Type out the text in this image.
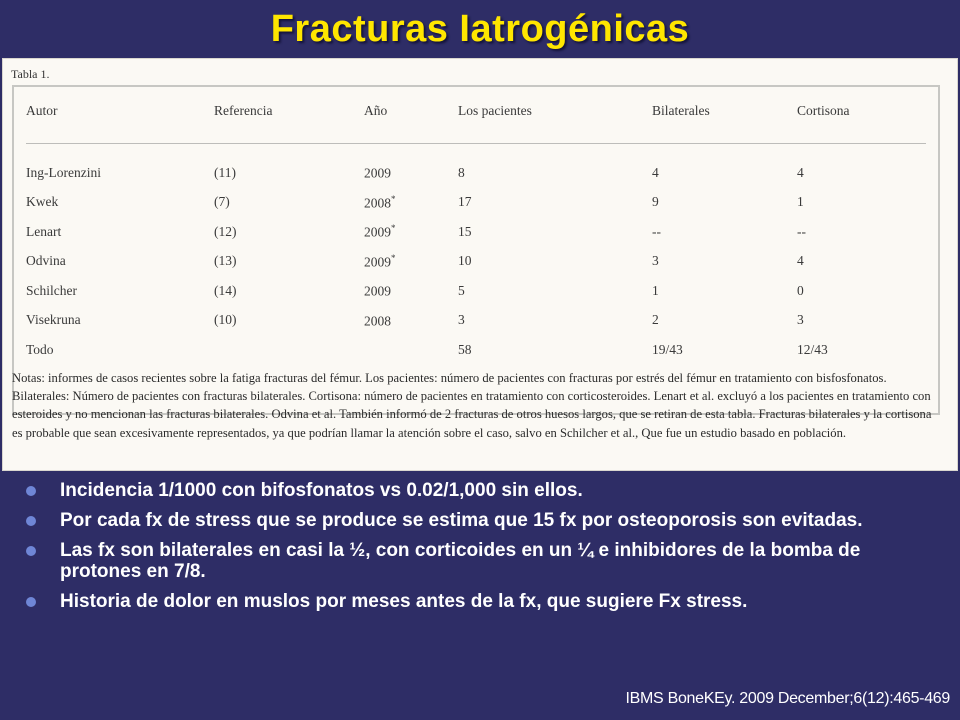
Fracturas Iatrogénicas
Tabla 1.
Autor	Referencia	Año	Los pacientes	Bilaterales	Cortisona
Ing-Lorenzini	(11)	2009	8	4	4
Kwek	(7)	2008*	17	9	1
Lenart	(12)	2009*	15	--	--
Odvina	(13)	2009*	10	3	4
Schilcher	(14)	2009	5	1	0
Visekruna	(10)	2008	3	2	3
Todo			58	19/43	12/43

Notas: informes de casos recientes sobre la fatiga fracturas del fémur. Los pacientes: número de pacientes con fracturas por estrés del fémur en tratamiento con bisfosfonatos. Bilaterales: Número de pacientes con fracturas bilaterales. Cortisona: número de pacientes en tratamiento con corticosteroides. Lenart et al. excluyó a los pacientes en tratamiento con esteroides y no mencionan las fracturas bilaterales. Odvina et al. También informó de 2 fracturas de otros huesos largos, que se retiran de esta tabla. Fracturas bilaterales y la cortisona es probable que sean excesivamente representados, ya que podrían llamar la atención sobre el caso, salvo en Schilcher et al., Que fue un estudio basado en población.

Incidencia 1/1000 con bifosfonatos vs 0.02/1,000 sin ellos.
Por cada fx de stress que se produce se estima que 15 fx por osteoporosis son evitadas.
Las fx son bilaterales en casi la ½, con corticoides en un ¼ e inhibidores de la bomba de protones en 7/8.
Historia de dolor en muslos por meses antes de la fx, que sugiere Fx stress.
IBMS BoneKEy. 2009 December;6(12):465-469
